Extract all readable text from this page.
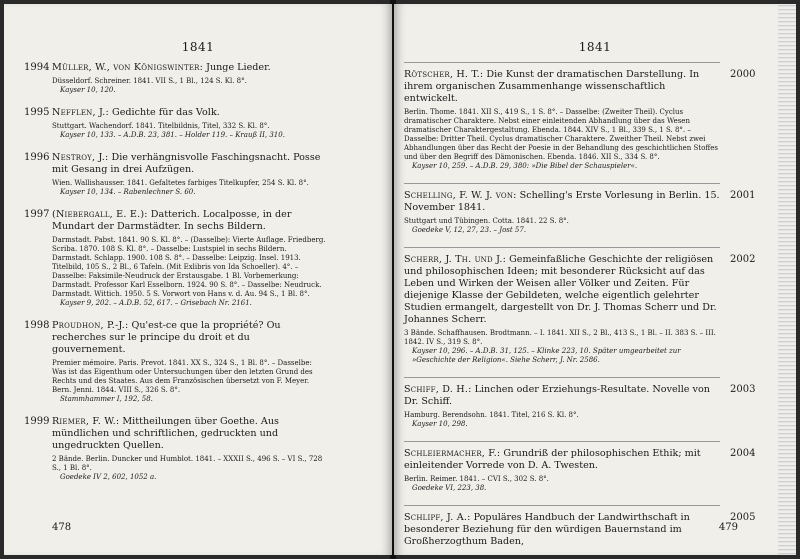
1841
1994 Müller, W., von Königswinter: Junge Lieder.
Düsseldorf. Schreiner. 1841. VII S., 1 Bl., 124 S. Kl. 8°.
Kayser 10, 120.
1995 Nefflen, J.: Gedichte für das Volk.
Stuttgart. Wachendorf. 1841. Titelbildnis, Titel, 332 S. Kl. 8°.
Kayser 10, 133. – A.D.B. 23, 381. – Holder 119. – Krauß II, 310.
1996 Nestroy, J.: Die verhängnisvolle Faschingsnacht. Posse mit Gesang in drei Aufzügen.
Wien. Wallishausser. 1841. Gefaltetes farbiges Titelkupfer, 254 S. Kl. 8°.
Kayser 10, 134. – Rabenlechner S. 60.
1997 (Niebergall, E. E.): Datterich. Localposse, in der Mundart der Darmstädter. In sechs Bildern.
Darmstadt. Pabst. 1841. 90 S. Kl. 8°. – (Dasselbe): Vierte Auflage. Friedberg. Scriba. 1870. 108 S. Kl. 8°. – Dasselbe: Lustspiel in sechs Bildern. Darmstadt. Schlapp. 1900. 108 S. 8°. – Dasselbe: Leipzig. Insel. 1913. Titelbild, 105 S., 2 Bl., 6 Tafeln. (Mit Exlibris von Ida Schoeller). 4°. – Dasselbe: Faksimile-Neudruck der Erstausgabe. 1 Bl. Vorbemerkung: Darmstadt. Professor Karl Esselborn. 1924. 90 S. 8°. – Dasselbe: Neudruck. Darmstadt. Wittich. 1950. 5 S. Vorwort von Hans v. d. Au. 94 S., 1 Bl. 8°.
Kayser 9, 202. – A.D.B. 52, 617. – Grisebach Nr. 2161.
1998 Proudhon, P.-J.: Qu'est-ce que la propriété? Ou recherches sur le principe du droit et du gouvernement.
Premier mémoire. Paris. Prevot. 1841. XX S., 324 S., 1 Bl. 8°. – Dasselbe: Was ist das Eigenthum oder Untersuchungen über den letzten Grund des Rechts und des Staates. Aus dem Französischen übersetzt von F. Meyer. Bern. Jenni. 1844. VIII S., 326 S. 8°.
Stammhammer I, 192, 58.
1999 Riemer, F. W.: Mittheilungen über Goethe. Aus mündlichen und schriftlichen, gedruckten und ungedruckten Quellen.
2 Bände. Berlin. Duncker und Humblot. 1841. – XXXII S., 496 S. – VI S., 728 S., 1 Bl. 8°.
Goedeke IV 2, 602, 1052 a.
478
1841
2000
Rötscher, H. T.: Die Kunst der dramatischen Darstellung. In ihrem organischen Zusammenhange wissenschaftlich entwickelt.
Berlin. Thome. 1841. XII S., 419 S., 1 S. 8°. – Dasselbe: (Zweiter Theil). Cyclus dramatischer Charaktere. Nebst einer einleitenden Abhandlung über das Wesen dramatischer Charaktergestaltung. Ebenda. 1844. XIV S., 1 Bl., 339 S., 1 S. 8°. – Dasselbe: Dritter Theil. Cyclus dramatischer Charaktere. Zweither Theil. Nebst zwei Abhandlungen über das Recht der Poesie in der Behandlung des geschichtlichen Stoffes und über den Begriff des Dämonischen. Ebenda. 1846. XII S., 334 S. 8°.
Kayser 10, 259. – A.D.B. 29, 380: »Die Bibel der Schauspieler«.
2001
Schelling, F. W. J. von: Schelling's Erste Vorlesung in Berlin. 15. November 1841.
Stuttgart und Tübingen. Cotta. 1841. 22 S. 8°.
Goedeke V, 12, 27, 23. – Jost 57.
2002
Scherr, J. Th. und J.: Gemeinfaßliche Geschichte der religiösen und philosophischen Ideen; mit besonderer Rücksicht auf das Leben und Wirken der Weisen aller Völker und Zeiten. Für diejenige Klasse der Gebildeten, welche eigentlich gelehrter Studien ermangelt, dargestellt von Dr. J. Thomas Scherr und Dr. Johannes Scherr.
3 Bände. Schaffhausen. Brodtmann. – I. 1841. XII S., 2 Bl., 413 S., 1 Bl. – II. 383 S. – III. 1842. IV S., 319 S. 8°.
Kayser 10, 296. – A.D.B. 31, 125. – Klinke 223, 10. Später umgearbeitet zur »Geschichte der Religion«. Siehe Scherr, J. Nr. 2586.
2003
Schiff, D. H.: Linchen oder Erziehungs-Resultate. Novelle von Dr. Schiff.
Hamburg. Berendsohn. 1841. Titel, 216 S. Kl. 8°.
Kayser 10, 298.
2004
Schleiermacher, F.: Grundriß der philosophischen Ethik; mit einleitender Vorrede von D. A. Twesten.
Berlin. Reimer. 1841. – CVI S., 302 S. 8°.
Goedeke VI, 223, 38.
2005
Schlipf, J. A.: Populäres Handbuch der Landwirthschaft in besonderer Beziehung für den würdigen Bauernstand im Großherzogthum Baden,
479
